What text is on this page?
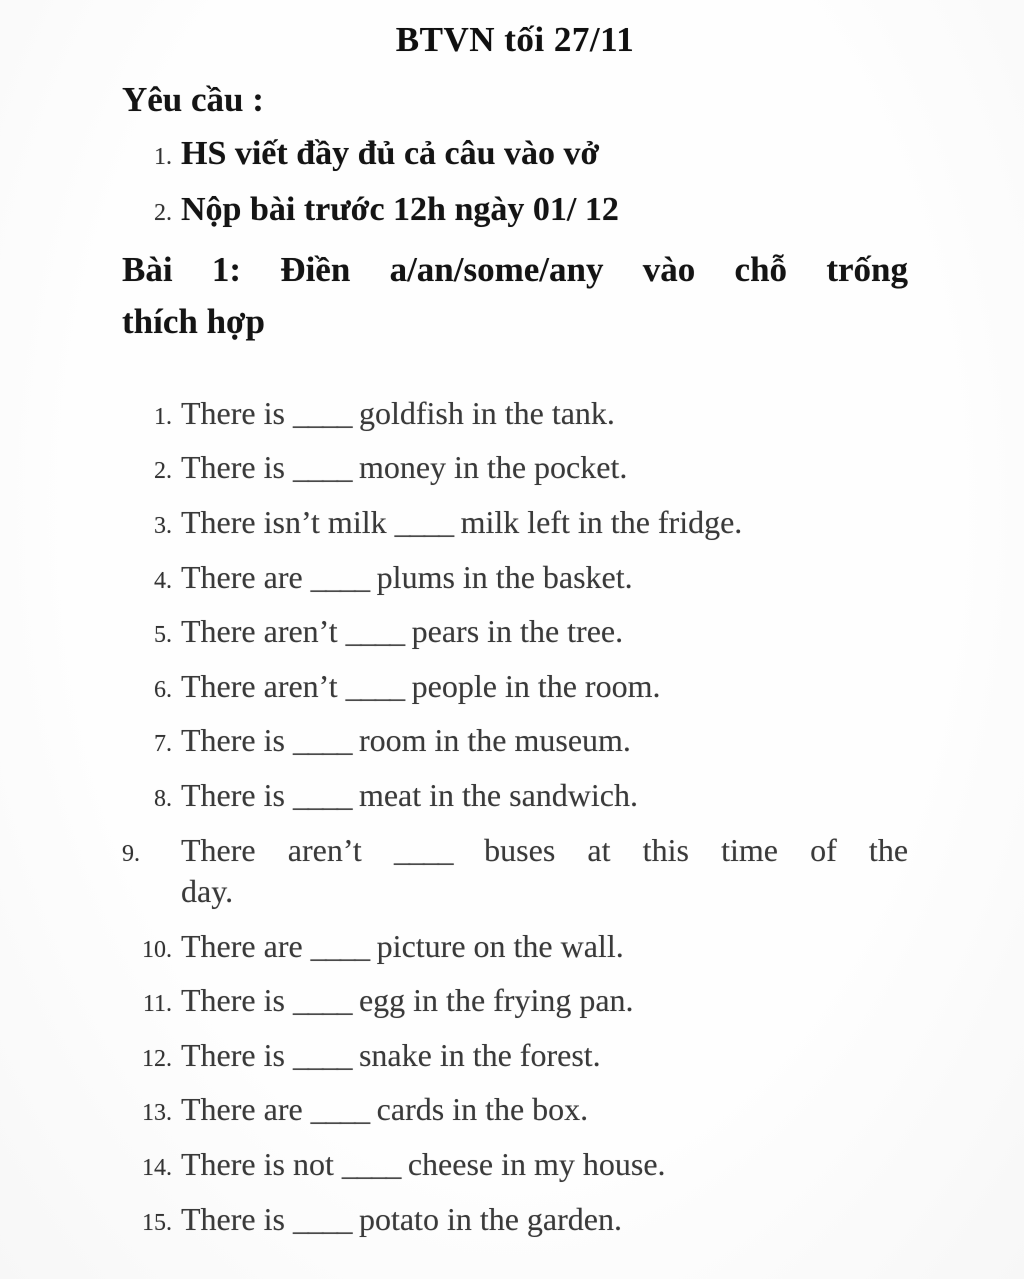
BTVN tối 27/11
Yêu cầu :
1. HS viết đầy đủ cả câu vào vở
2. Nộp bài trước 12h ngày 01/ 12
Bài 1: Điền a/an/some/any vào chỗ trống
thích hợp
1. There is ____ goldfish in the tank.
2. There is ____ money in the pocket.
3. There isn’t milk ____ milk left in the fridge.
4. There are ____ plums in the basket.
5. There aren’t ____ pears in the tree.
6. There aren’t ____ people in the room.
7. There is ____ room in the museum.
8. There is ____ meat in the sandwich.
9. There aren’t ____ buses at this time of the
day.
10. There are ____ picture on the wall.
11. There is ____ egg in the frying pan.
12. There is ____ snake in the forest.
13. There are ____ cards in the box.
14. There is not ____ cheese in my house.
15. There is ____ potato in the garden.
